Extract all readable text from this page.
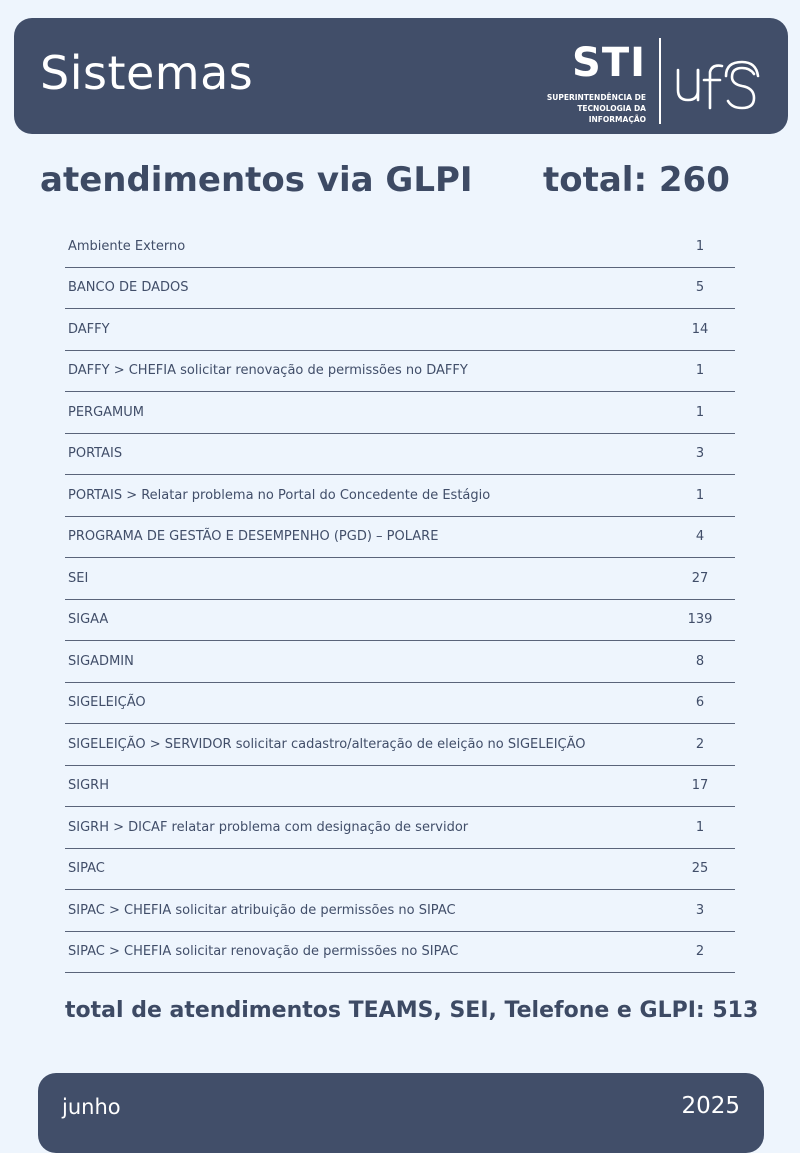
Sistemas	STI
SUPERINTENDÊNCIA DE
TECNOLOGIA DA INFORMAÇÃO
ufs
atendimentos via GLPI total: 260
Ambiente Externo	1
BANCO DE DADOS	5
DAFFY	14
DAFFY > CHEFIA solicitar renovação de permissões no DAFFY	1
PERGAMUM	1
PORTAIS	3
PORTAIS > Relatar problema no Portal do Concedente de Estágio	1
PROGRAMA DE GESTÃO E DESEMPENHO (PGD) – POLARE	4
SEI	27
SIGAA	139
SIGADMIN	8
SIGELEIÇÃO	6
SIGELEIÇÃO > SERVIDOR solicitar cadastro/alteração de eleição no SIGELEIÇÃO	2
SIGRH	17
SIGRH > DICAF relatar problema com designação de servidor	1
SIPAC	25
SIPAC > CHEFIA solicitar atribuição de permissões no SIPAC	3
SIPAC > CHEFIA solicitar renovação de permissões no SIPAC	2
total de atendimentos TEAMS, SEI, Telefone e GLPI: 513
junho	2025
